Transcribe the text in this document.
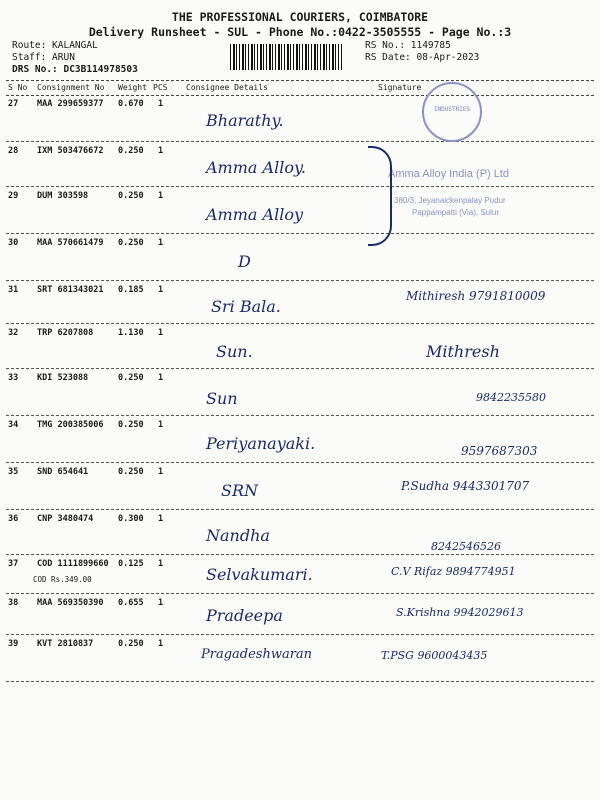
THE PROFESSIONAL COURIERS, COIMBATORE
Delivery Runsheet - SUL - Phone No.:0422-3505555 - Page No.:3
Route: KALANGAL
Staff: ARUN
DRS No.: DC3B114978503
RS No.: 1149785
RS Date: 08-Apr-2023
S No Consignment No Weight PCS Consignee Details	Signature
27 MAA 299659377 0.670 1
Bharathy.
28 IXM 503476672 0.250 1
Amma Alloy.
29 DUM 303598	0.250 1
Amma Alloy
30 MAA 570661479 0.250 1
D
31 SRT 681343021 0.185 1
Sri Bala.
Mithiresh 9791810009
32 TRP 6207808	1.130 1
Sun.	Mithresh
33 KDI 523088	0.250 1
Sun	9842235580
34 TMG 200385006 0.250 1
Periyanayaki.	9597687303
35 SND 654641	0.250 1
SRN	P.Sudha 9443301707
36 CNP 3480474	0.300 1
Nandha
8242546526
37 COD 1111899660 0.125 1
COD Rs.349.00	Selvakumari.	C.V Rifaz 9894774951
38 MAA 569350390 0.655 1
Pradeepa	S.Krishna 9942029613
39 KVT 2810837	0.250 1
Pragadeshwaran	T.PSG 9600043435
INDUSTRIES
Amma Alloy India (P) Ltd
380/3, Jeyanaickenpalay Pudur
Pappampatti (Via), Sulur
